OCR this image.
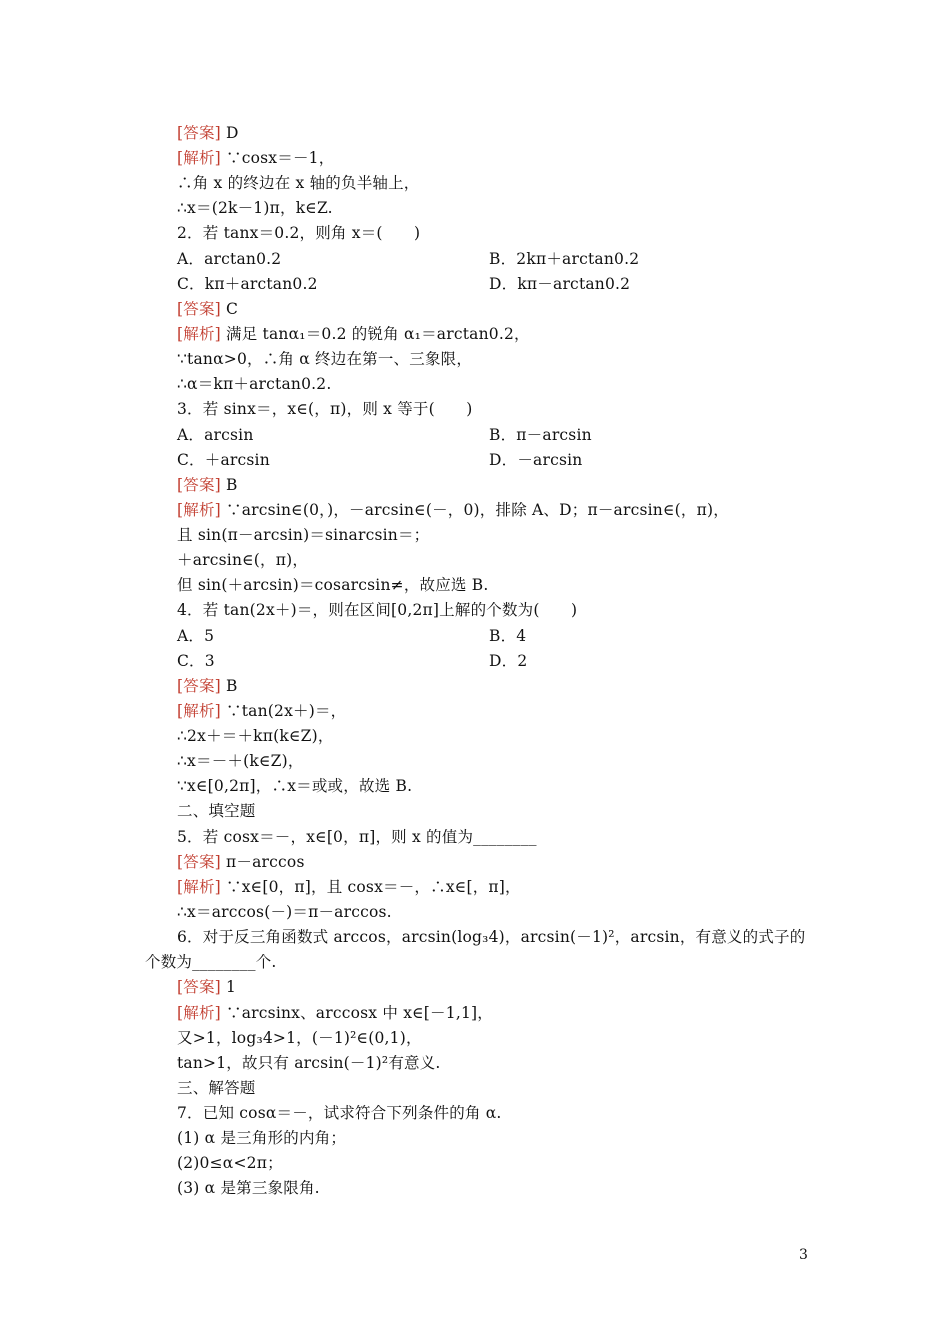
[答案] D
[解析] ∵cosx＝－1，
∴角 x 的终边在 x 轴的负半轴上，
∴x＝(2k－1)π，k∈Z.
2．若 tanx＝0.2，则角 x＝(　　)
A．arctan0.2	B．2kπ＋arctan0.2
C．kπ＋arctan0.2	D．kπ－arctan0.2
[答案] C
[解析] 满足 tanα₁＝0.2 的锐角 α₁＝arctan0.2，
∵tanα>0，∴角 α 终边在第一、三象限，
∴α＝kπ＋arctan0.2.
3．若 sinx＝，x∈(，π)，则 x 等于(　　)
A．arcsin	B．π－arcsin
C．＋arcsin	D．－arcsin
[答案] B
[解析] ∵arcsin∈(0，)，－arcsin∈(－，0)，排除 A、D；π－arcsin∈(，π)，
且 sin(π－arcsin)＝sinarcsin＝；
＋arcsin∈(，π)，
但 sin(＋arcsin)＝cosarcsin≠，故应选 B.
4．若 tan(2x＋)＝，则在区间[0,2π]上解的个数为(　　)
A．5	B．4
C．3	D．2
[答案] B
[解析] ∵tan(2x＋)＝，
∴2x＋＝＋kπ(k∈Z)，
∴x＝－＋(k∈Z)，
∵x∈[0,2π]，∴x＝或或，故选 B.
二、填空题
5．若 cosx＝－，x∈[0，π]，则 x 的值为________
[答案] π－arccos
[解析] ∵x∈[0，π]，且 cosx＝－，∴x∈[，π]，
∴x＝arccos(－)＝π－arccos.
6．对于反三角函数式 arccos，arcsin(log₃4)，arcsin(－1)²，arcsin，有意义的式子的
个数为________个.
[答案] 1
[解析] ∵arcsinx、arccosx 中 x∈[－1,1]，
又>1，log₃4>1，(－1)²∈(0,1)，
tan>1，故只有 arcsin(－1)²有意义.
三、解答题
7．已知 cosα＝－，试求符合下列条件的角 α.
(1) α 是三角形的内角；
(2)0≤α<2π；
(3) α 是第三象限角.
3
